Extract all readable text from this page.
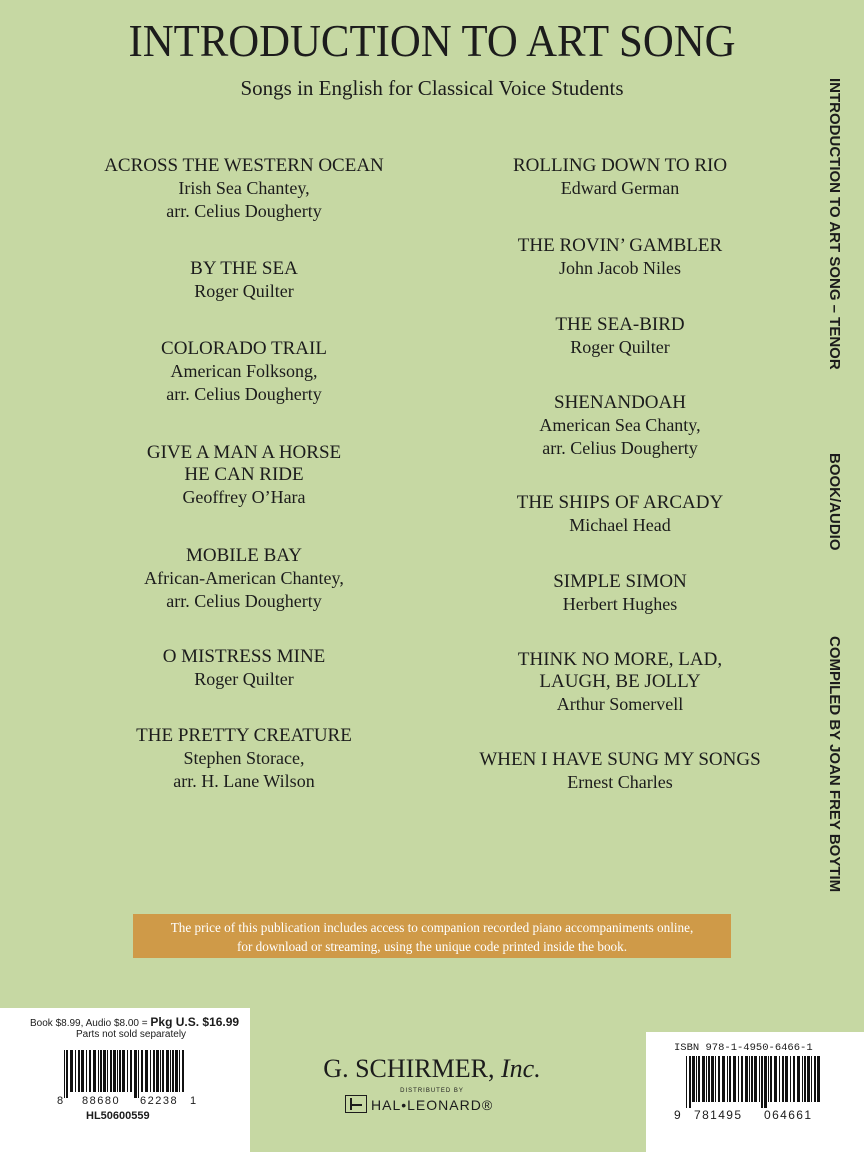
INTRODUCTION TO ART SONG
Songs in English for Classical Voice Students	INTRODUCTION TO ART SONG – TENOR
BOOK/AUDIO
COMPILED BY JOAN FREY BOYTIM
ACROSS THE WESTERN OCEAN
Irish Sea Chantey,
arr. Celius Dougherty
BY THE SEA
Roger Quilter
COLORADO TRAIL
American Folksong,
arr. Celius Dougherty
GIVE A MAN A HORSE
HE CAN RIDE
Geoffrey O’Hara
MOBILE BAY
African-American Chantey,
arr. Celius Dougherty
O MISTRESS MINE
Roger Quilter
THE PRETTY CREATURE
Stephen Storace,
arr. H. Lane Wilson
ROLLING DOWN TO RIO
Edward German
THE ROVIN’ GAMBLER
John Jacob Niles
THE SEA-BIRD
Roger Quilter
SHENANDOAH
American Sea Chanty,
arr. Celius Dougherty
THE SHIPS OF ARCADY
Michael Head
SIMPLE SIMON
Herbert Hughes
THINK NO MORE, LAD,
LAUGH, BE JOLLY
Arthur Somervell
WHEN I HAVE SUNG MY SONGS
Ernest Charles
The price of this publication includes access to companion recorded piano accompaniments online,
for download or streaming, using the unique code printed inside the book.
Book $8.99, Audio $8.00 = Pkg U.S. $16.99
Parts not sold separately
8 88680 62238 1
HL50600559
G. SCHIRMER, Inc.
DISTRIBUTED BY
HAL•LEONARD®
ISBN 978-1-4950-6466-1
9 781495 064661
